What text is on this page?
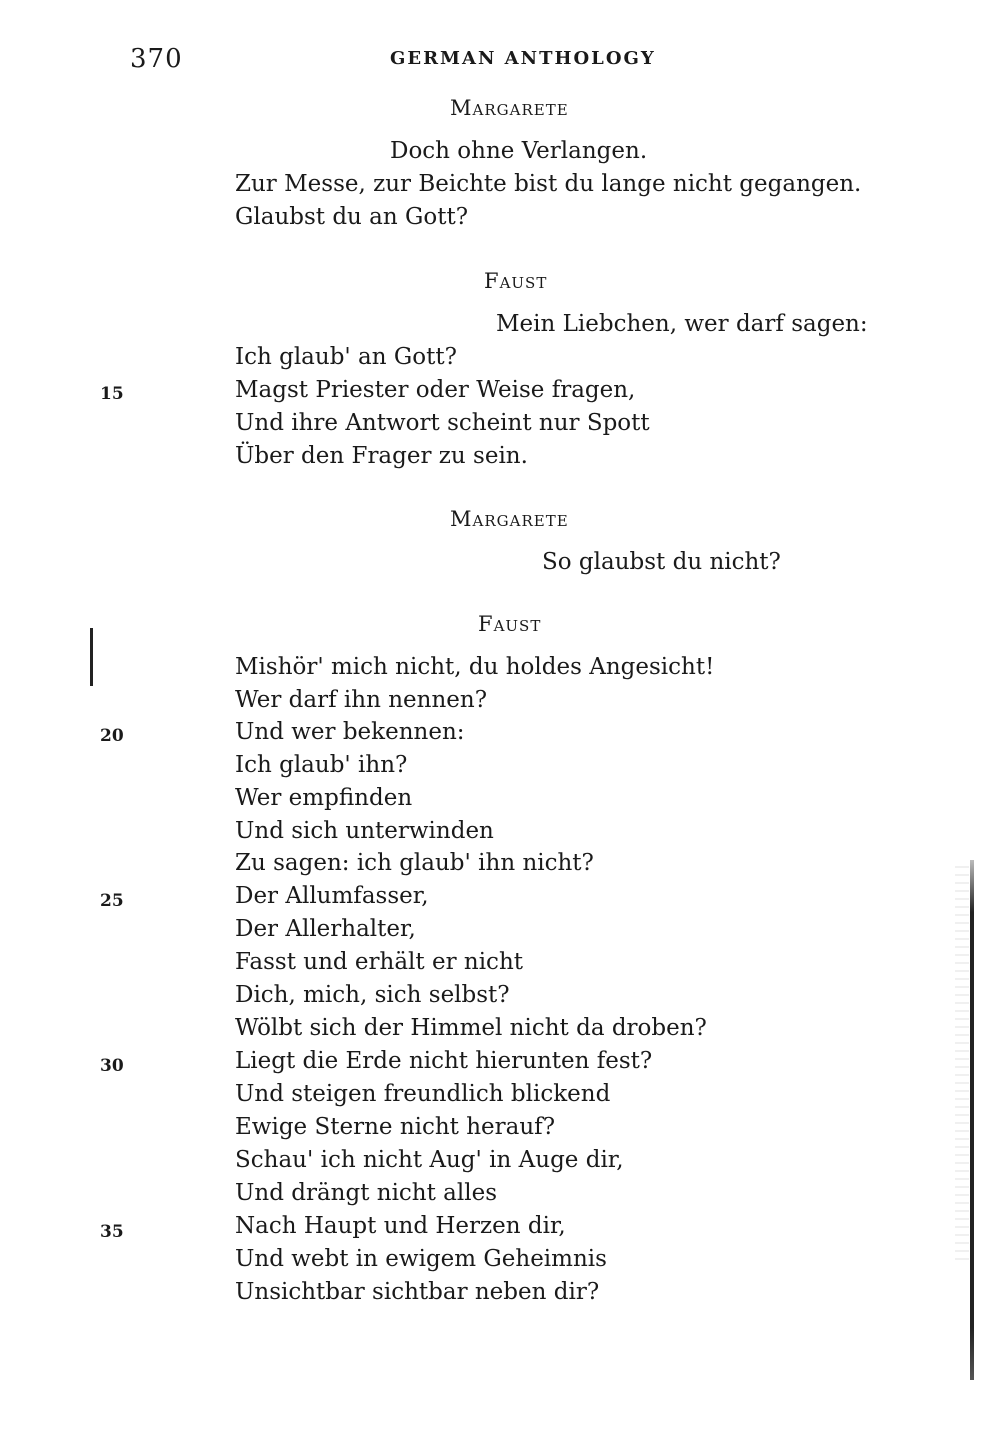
370	GERMAN ANTHOLOGY
Margarete
Doch ohne Verlangen.
Zur Messe, zur Beichte bist du lange nicht gegangen.
Glaubst du an Gott?
Faust
Mein Liebchen, wer darf sagen:
Ich glaub' an Gott?
15	Magst Priester oder Weise fragen,
Und ihre Antwort scheint nur Spott
Über den Frager zu sein.
Margarete
So glaubst du nicht?
Faust
Mishör' mich nicht, du holdes Angesicht!
Wer darf ihn nennen?
20	Und wer bekennen:
Ich glaub' ihn?
Wer empfinden
Und sich unterwinden
Zu sagen: ich glaub' ihn nicht?
25	Der Allumfasser,
Der Allerhalter,
Fasst und erhält er nicht
Dich, mich, sich selbst?
Wölbt sich der Himmel nicht da droben?
30	Liegt die Erde nicht hierunten fest?
Und steigen freundlich blickend
Ewige Sterne nicht herauf?
Schau' ich nicht Aug' in Auge dir,
Und drängt nicht alles
35	Nach Haupt und Herzen dir,
Und webt in ewigem Geheimnis
Unsichtbar sichtbar neben dir?
